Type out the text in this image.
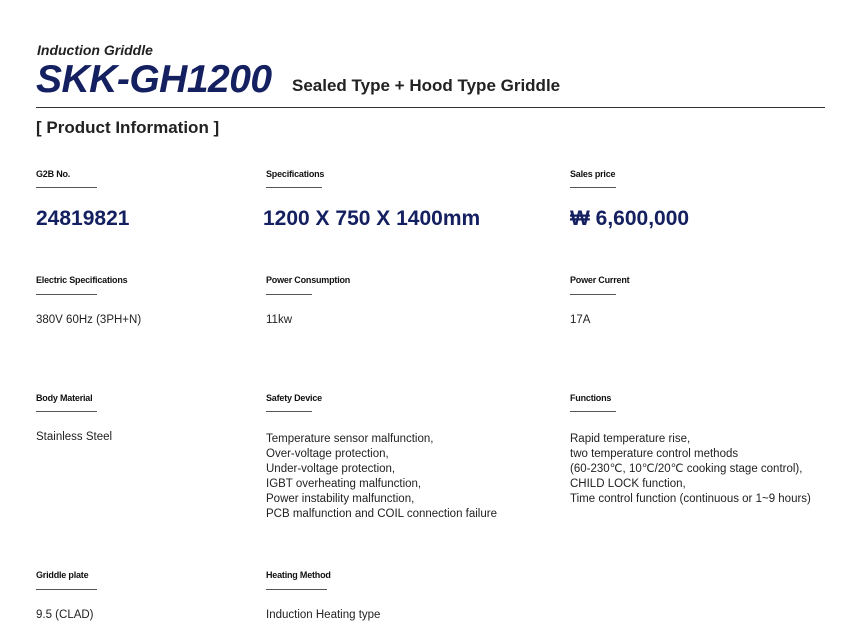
Induction Griddle
SKK-GH1200 Sealed Type + Hood Type Griddle
[ Product Information ]
G2B No.
24819821
Specifications
1200 X 750 X 1400mm
Sales price
₩ 6,600,000
Electric Specifications
380V 60Hz (3PH+N)
Power Consumption
11kw
Power Current
17A
Body Material
Stainless Steel
Safety Device
Temperature sensor malfunction,
Over-voltage protection,
Under-voltage protection,
IGBT overheating malfunction,
Power instability malfunction,
PCB malfunction and COIL connection failure
Functions
Rapid temperature rise,
two temperature control methods
(60-230℃, 10℃/20℃ cooking stage control),
CHILD LOCK function,
Time control function (continuous or 1~9 hours)
Griddle plate
9.5 (CLAD)
Heating Method
Induction Heating type
